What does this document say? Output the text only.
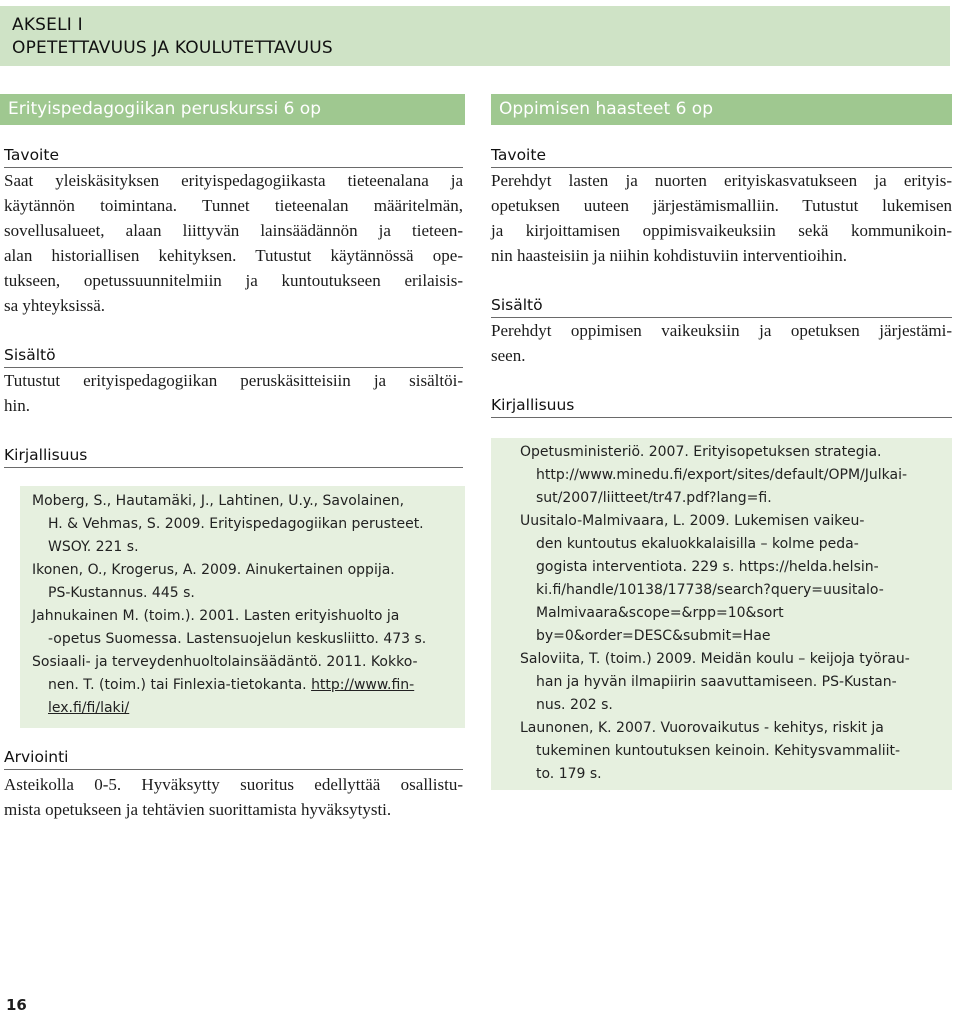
AKSELI I
OPETETTAVUUS JA KOULUTETTAVUUS
Erityispedagogiikan peruskurssi 6 op
Tavoite
Saat yleiskäsityksen erityispedagogiikasta tieteenalana ja
käytännön toimintana. Tunnet tieteenalan määritelmän,
sovellusalueet, alaan liittyvän lainsäädännön ja tieteen-
alan historiallisen kehityksen. Tutustut käytännössä ope-
tukseen, opetussuunnitelmiin ja kuntoutukseen erilaisis-
sa yhteyksissä.
Sisältö
Tutustut erityispedagogiikan peruskäsitteisiin ja sisältöi-
hin.
Kirjallisuus
Moberg, S., Hautamäki, J., Lahtinen, U.y., Savolainen,
H. & Vehmas, S. 2009. Erityispedagogiikan perusteet.
WSOY. 221 s.
Ikonen, O., Krogerus, A. 2009. Ainukertainen oppija.
PS-Kustannus. 445 s.
Jahnukainen M. (toim.). 2001. Lasten erityishuolto ja
-opetus Suomessa. Lastensuojelun keskusliitto. 473 s.
Sosiaali- ja terveydenhuoltolainsäädäntö. 2011. Kokko-
nen. T. (toim.) tai Finlexia-tietokanta. http://www.fin-
lex.fi/fi/laki/
Arviointi
Asteikolla 0-5. Hyväksytty suoritus edellyttää osallistu-
mista opetukseen ja tehtävien suorittamista hyväksytysti.
Oppimisen haasteet 6 op
Tavoite
Perehdyt lasten ja nuorten erityiskasvatukseen ja erityis-
opetuksen uuteen järjestämismalliin. Tutustut lukemisen
ja kirjoittamisen oppimisvaikeuksiin sekä kommunikoin-
nin haasteisiin ja niihin kohdistuviin interventioihin.
Sisältö
Perehdyt oppimisen vaikeuksiin ja opetuksen järjestämi-
seen.
Kirjallisuus
Opetusministeriö. 2007. Erityisopetuksen strategia.
http://www.minedu.fi/export/sites/default/OPM/Julkai-
sut/2007/liitteet/tr47.pdf?lang=fi.
Uusitalo-Malmivaara, L. 2009. Lukemisen vaikeu-
den kuntoutus ekaluokkalaisilla – kolme peda-
gogista interventiota. 229 s. https://helda.helsin-
ki.fi/handle/10138/17738/search?query=uusitalo-
Malmivaara&scope=&rpp=10&sort
by=0&order=DESC&submit=Hae
Saloviita, T. (toim.) 2009. Meidän koulu – keijoja työrau-
han ja hyvän ilmapiirin saavuttamiseen. PS-Kustan-
nus. 202 s.
Launonen, K. 2007. Vuorovaikutus - kehitys, riskit ja
tukeminen kuntoutuksen keinoin. Kehitysvammaliit-
to. 179 s.
16
